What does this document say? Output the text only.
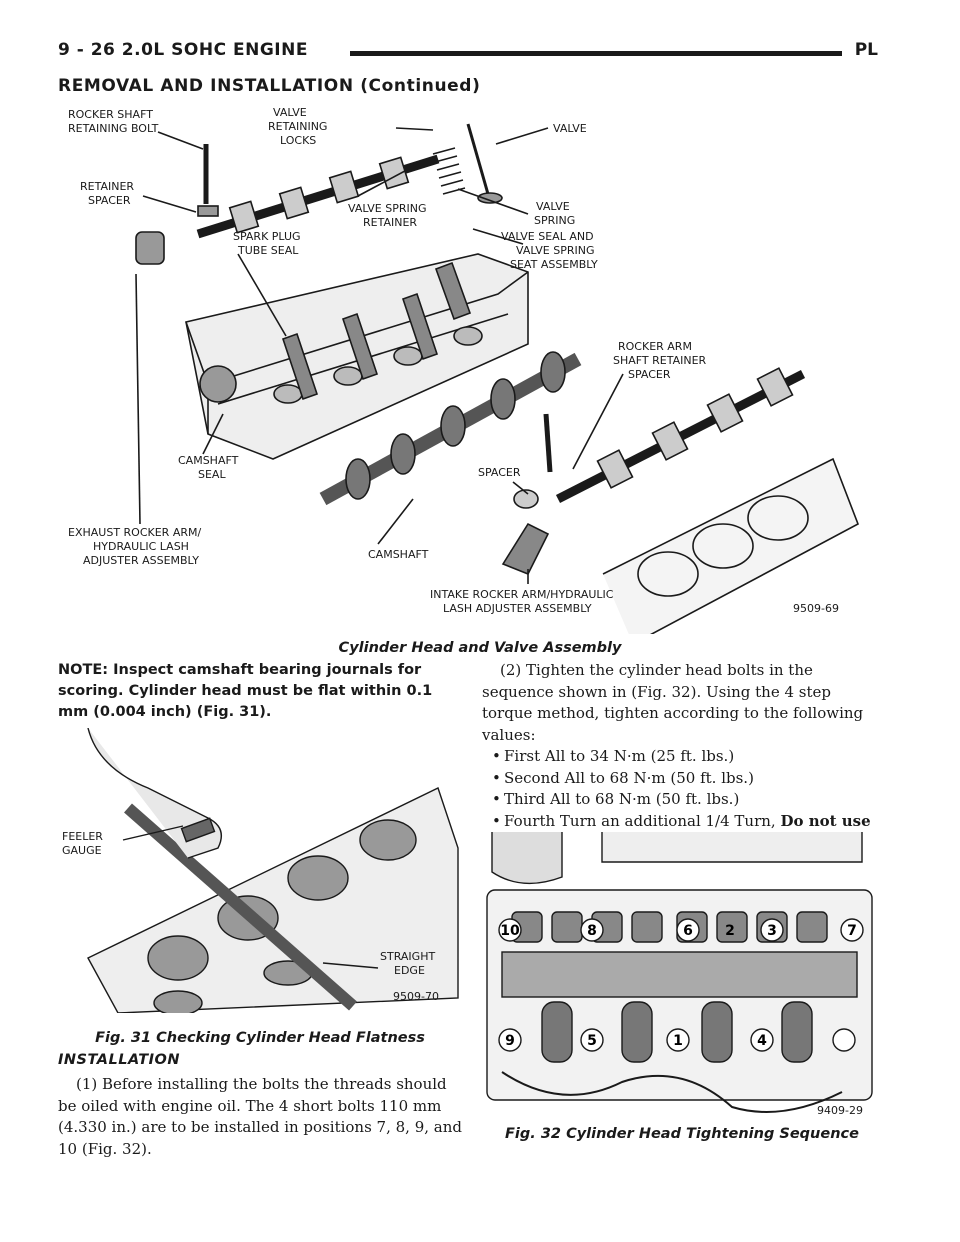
9 - 26 2.0L SOHC ENGINE	PL
REMOVAL AND INSTALLATION (Continued)
ROCKER SHAFT
RETAINING BOLT
VALVE
RETAINING
LOCKS
VALVE
RETAINER
SPACER
VALVE SPRING
RETAINER
VALVE
SPRING
SPARK PLUG
TUBE SEAL
VALVE SEAL AND
VALVE SPRING
SEAT ASSEMBLY
ROCKER ARM
SHAFT RETAINER
SPACER
CAMSHAFT
SEAL	SPACER
EXHAUST ROCKER ARM/
HYDRAULIC LASH
ADJUSTER ASSEMBLY	CAMSHAFT
INTAKE ROCKER ARM/HYDRAULIC
LASH ADJUSTER ASSEMBLY	9509-69
Cylinder Head and Valve Assembly

NOTE: Inspect camshaft bearing journals for scoring. Cylinder head must be flat within 0.1 mm (0.004 inch) (Fig. 31).

FEELER
GAUGE
STRAIGHT
EDGE
9509-70
Fig. 31 Checking Cylinder Head Flatness
INSTALLATION

(1) Before installing the bolts the threads should be oiled with engine oil. The 4 short bolts 110 mm (4.330 in.) are to be installed in positions 7, 8, 9, and 10 (Fig. 32).

(2) Tighten the cylinder head bolts in the sequence shown in (Fig. 32). Using the 4 step torque method, tighten according to the following values:

• First All to 34 N·m (25 ft. lbs.)
• Second All to 68 N·m (50 ft. lbs.)
• Third All to 68 N·m (50 ft. lbs.)
• Fourth Turn an additional 1/4 Turn, Do not use
10	8	6	3	7
9	5	1	4
2
9409-29
Fig. 32 Cylinder Head Tightening Sequence
